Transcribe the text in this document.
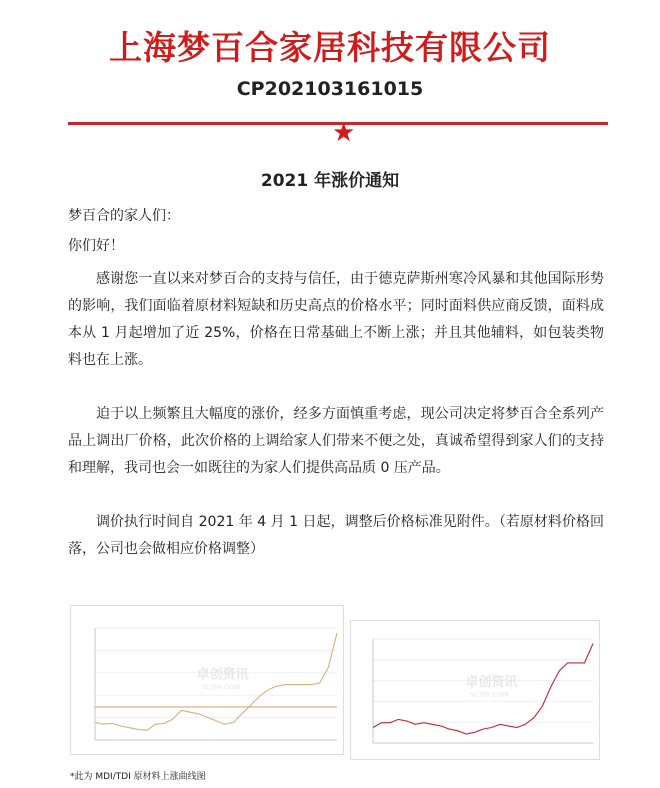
上海梦百合家居科技有限公司
CP202103161015
★
2021 年涨价通知
梦百合的家人们：
你们好！
感谢您一直以来对梦百合的支持与信任，由于德克萨斯州寒冷风暴和其他国际形势的影响，我们面临着原材料短缺和历史高点的价格水平；同时面料供应商反馈，面料成本从 1 月起增加了近 25%，价格在日常基础上不断上涨；并且其他辅料，如包装类物料也在上涨。
迫于以上频繁且大幅度的涨价，经多方面慎重考虑，现公司决定将梦百合全系列产品上调出厂价格，此次价格的上调给家人们带来不便之处，真诚希望得到家人们的支持和理解，我司也会一如既往的为家人们提供高品质 0 压产品。
调价执行时间自 2021 年 4 月 1 日起，调整后价格标准见附件。（若原材料价格回落，公司也会做相应价格调整）
卓创资讯
SCI99.COM	卓创资讯
SCI99.COM
*此为 MDI/TDI 原材料上涨曲线图
